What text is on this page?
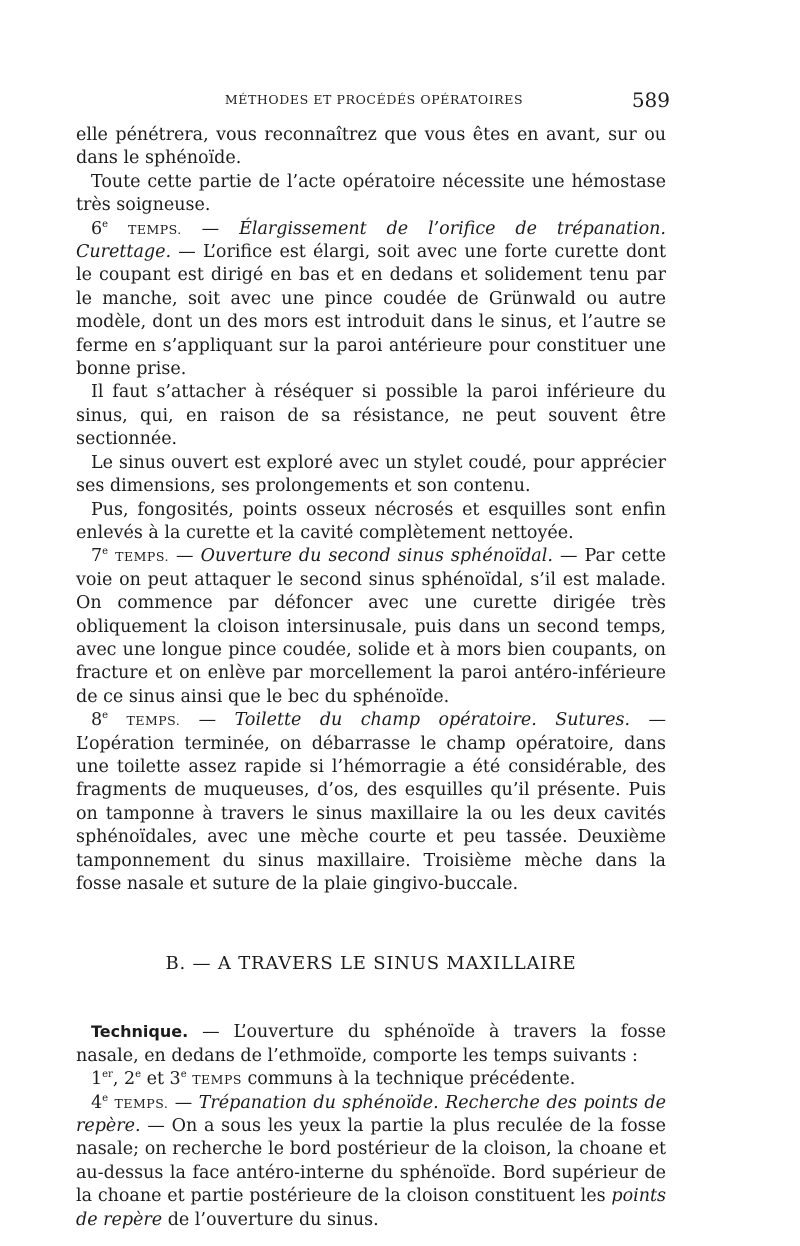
MÉTHODES ET PROCÉDÉS OPÉRATOIRES	589

elle pénétrera, vous reconnaîtrez que vous êtes en avant, sur ou dans le sphénoïde.

Toute cette partie de l’acte opératoire nécessite une hémostase très soigneuse.

6e TEMPS. — Élargissement de l’orifice de trépanation. Curettage. — L’orifice est élargi, soit avec une forte curette dont le coupant est dirigé en bas et en dedans et solidement tenu par le manche, soit avec une pince coudée de Grünwald ou autre modèle, dont un des mors est introduit dans le sinus, et l’autre se ferme en s’appliquant sur la paroi antérieure pour constituer une bonne prise.

Il faut s’attacher à réséquer si possible la paroi inférieure du sinus, qui, en raison de sa résistance, ne peut souvent être sectionnée.

Le sinus ouvert est exploré avec un stylet coudé, pour apprécier ses dimensions, ses prolongements et son contenu.

Pus, fongosités, points osseux nécrosés et esquilles sont enfin enlevés à la curette et la cavité complètement nettoyée.

7e TEMPS. — Ouverture du second sinus sphénoïdal. — Par cette voie on peut attaquer le second sinus sphénoïdal, s’il est malade. On commence par défoncer avec une curette dirigée très obliquement la cloison intersinusale, puis dans un second temps, avec une longue pince coudée, solide et à mors bien coupants, on fracture et on enlève par morcellement la paroi antéro-inférieure de ce sinus ainsi que le bec du sphénoïde.

8e TEMPS. — Toilette du champ opératoire. Sutures. — L’opération terminée, on débarrasse le champ opératoire, dans une toilette assez rapide si l’hémorragie a été considérable, des fragments de muqueuses, d’os, des esquilles qu’il présente. Puis on tamponne à travers le sinus maxillaire la ou les deux cavités sphénoïdales, avec une mèche courte et peu tassée. Deuxième tamponnement du sinus maxillaire. Troisième mèche dans la fosse nasale et suture de la plaie gingivo-buccale.

B. — A TRAVERS LE SINUS MAXILLAIRE

Technique. — L’ouverture du sphénoïde à travers la fosse nasale, en dedans de l’ethmoïde, comporte les temps suivants :

1er, 2e et 3e TEMPS communs à la technique précédente.

4e TEMPS. — Trépanation du sphénoïde. Recherche des points de repère. — On a sous les yeux la partie la plus reculée de la fosse nasale; on recherche le bord postérieur de la cloison, la choane et au-dessus la face antéro-interne du sphénoïde. Bord supérieur de la choane et partie postérieure de la cloison constituent les points de repère de l’ouverture du sinus.
